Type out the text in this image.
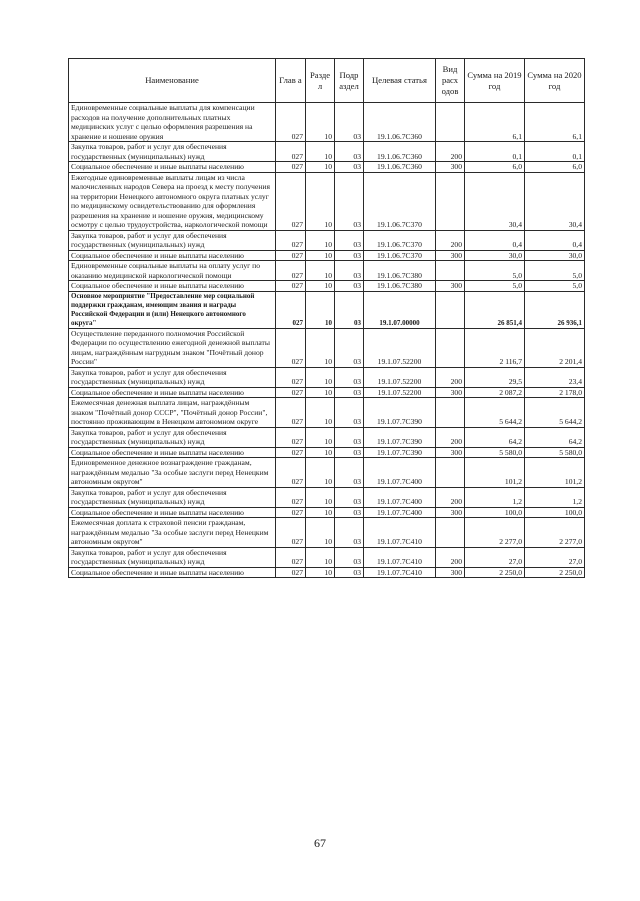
Наименование	Глав а	Разде л	Подр аздел	Целевая статья	Вид расх одов	Сумма на 2019 год	Сумма на 2020 год
Единовременные социальные выплаты для компенсации расходов на получение дополнительных платных медицинских услуг с целью оформления разрешения на хранение и ношение оружия	027	10	03	19.1.06.7С360		6,1	6,1
Закупка товаров, работ и услуг для обеспечения государственных (муниципальных) нужд	027	10	03	19.1.06.7С360	200	0,1	0,1
Социальное обеспечение и иные выплаты населению	027	10	03	19.1.06.7С360	300	6,0	6,0
Ежегодные единовременные выплаты лицам из числа малочисленных народов Севера на проезд к месту получения на территории Ненецкого автономного округа платных услуг по медицинскому освидетельствованию для оформления разрешения на хранение и ношение оружия, медицинскому осмотру с целью трудоустройства, наркологической помощи	027	10	03	19.1.06.7С370		30,4	30,4
Закупка товаров, работ и услуг для обеспечения государственных (муниципальных) нужд	027	10	03	19.1.06.7С370	200	0,4	0,4
Социальное обеспечение и иные выплаты населению	027	10	03	19.1.06.7С370	300	30,0	30,0
Единовременные социальные выплаты на оплату услуг по оказанию медицинской наркологической помощи	027	10	03	19.1.06.7С380		5,0	5,0
Социальное обеспечение и иные выплаты населению	027	10	03	19.1.06.7С380	300	5,0	5,0
Основное мероприятие "Предоставление мер социальной поддержки гражданам, имеющим звания и награды Российской Федерации и (или) Ненецкого автономного округа"	027	10	03	19.1.07.00000		26 851,4	26 936,1
Осуществление переданного полномочия Российской Федерации по осуществлению ежегодной денежной выплаты лицам, награждённым нагрудным знаком "Почётный донор России"	027	10	03	19.1.07.52200		2 116,7	2 201,4
Закупка товаров, работ и услуг для обеспечения государственных (муниципальных) нужд	027	10	03	19.1.07.52200	200	29,5	23,4
Социальное обеспечение и иные выплаты населению	027	10	03	19.1.07.52200	300	2 087,2	2 178,0
Ежемесячная денежная выплата лицам, награждённым знаком "Почётный донор СССР", "Почётный донор России", постоянно проживающим в Ненецком автономном округе	027	10	03	19.1.07.7С390		5 644,2	5 644,2
Закупка товаров, работ и услуг для обеспечения государственных (муниципальных) нужд	027	10	03	19.1.07.7С390	200	64,2	64,2
Социальное обеспечение и иные выплаты населению	027	10	03	19.1.07.7С390	300	5 580,0	5 580,0
Единовременное денежное вознаграждение гражданам, награждённым медалью "За особые заслуги перед Ненецким автономным округом"	027	10	03	19.1.07.7С400		101,2	101,2
Закупка товаров, работ и услуг для обеспечения государственных (муниципальных) нужд	027	10	03	19.1.07.7С400	200	1,2	1,2
Социальное обеспечение и иные выплаты населению	027	10	03	19.1.07.7С400	300	100,0	100,0
Ежемесячная доплата к страховой пенсии гражданам, награждённым медалью "За особые заслуги перед Ненецким автономным округом"	027	10	03	19.1.07.7С410		2 277,0	2 277,0
Закупка товаров, работ и услуг для обеспечения государственных (муниципальных) нужд	027	10	03	19.1.07.7С410	200	27,0	27,0
Социальное обеспечение и иные выплаты населению	027	10	03	19.1.07.7С410	300	2 250,0	2 250,0
67
